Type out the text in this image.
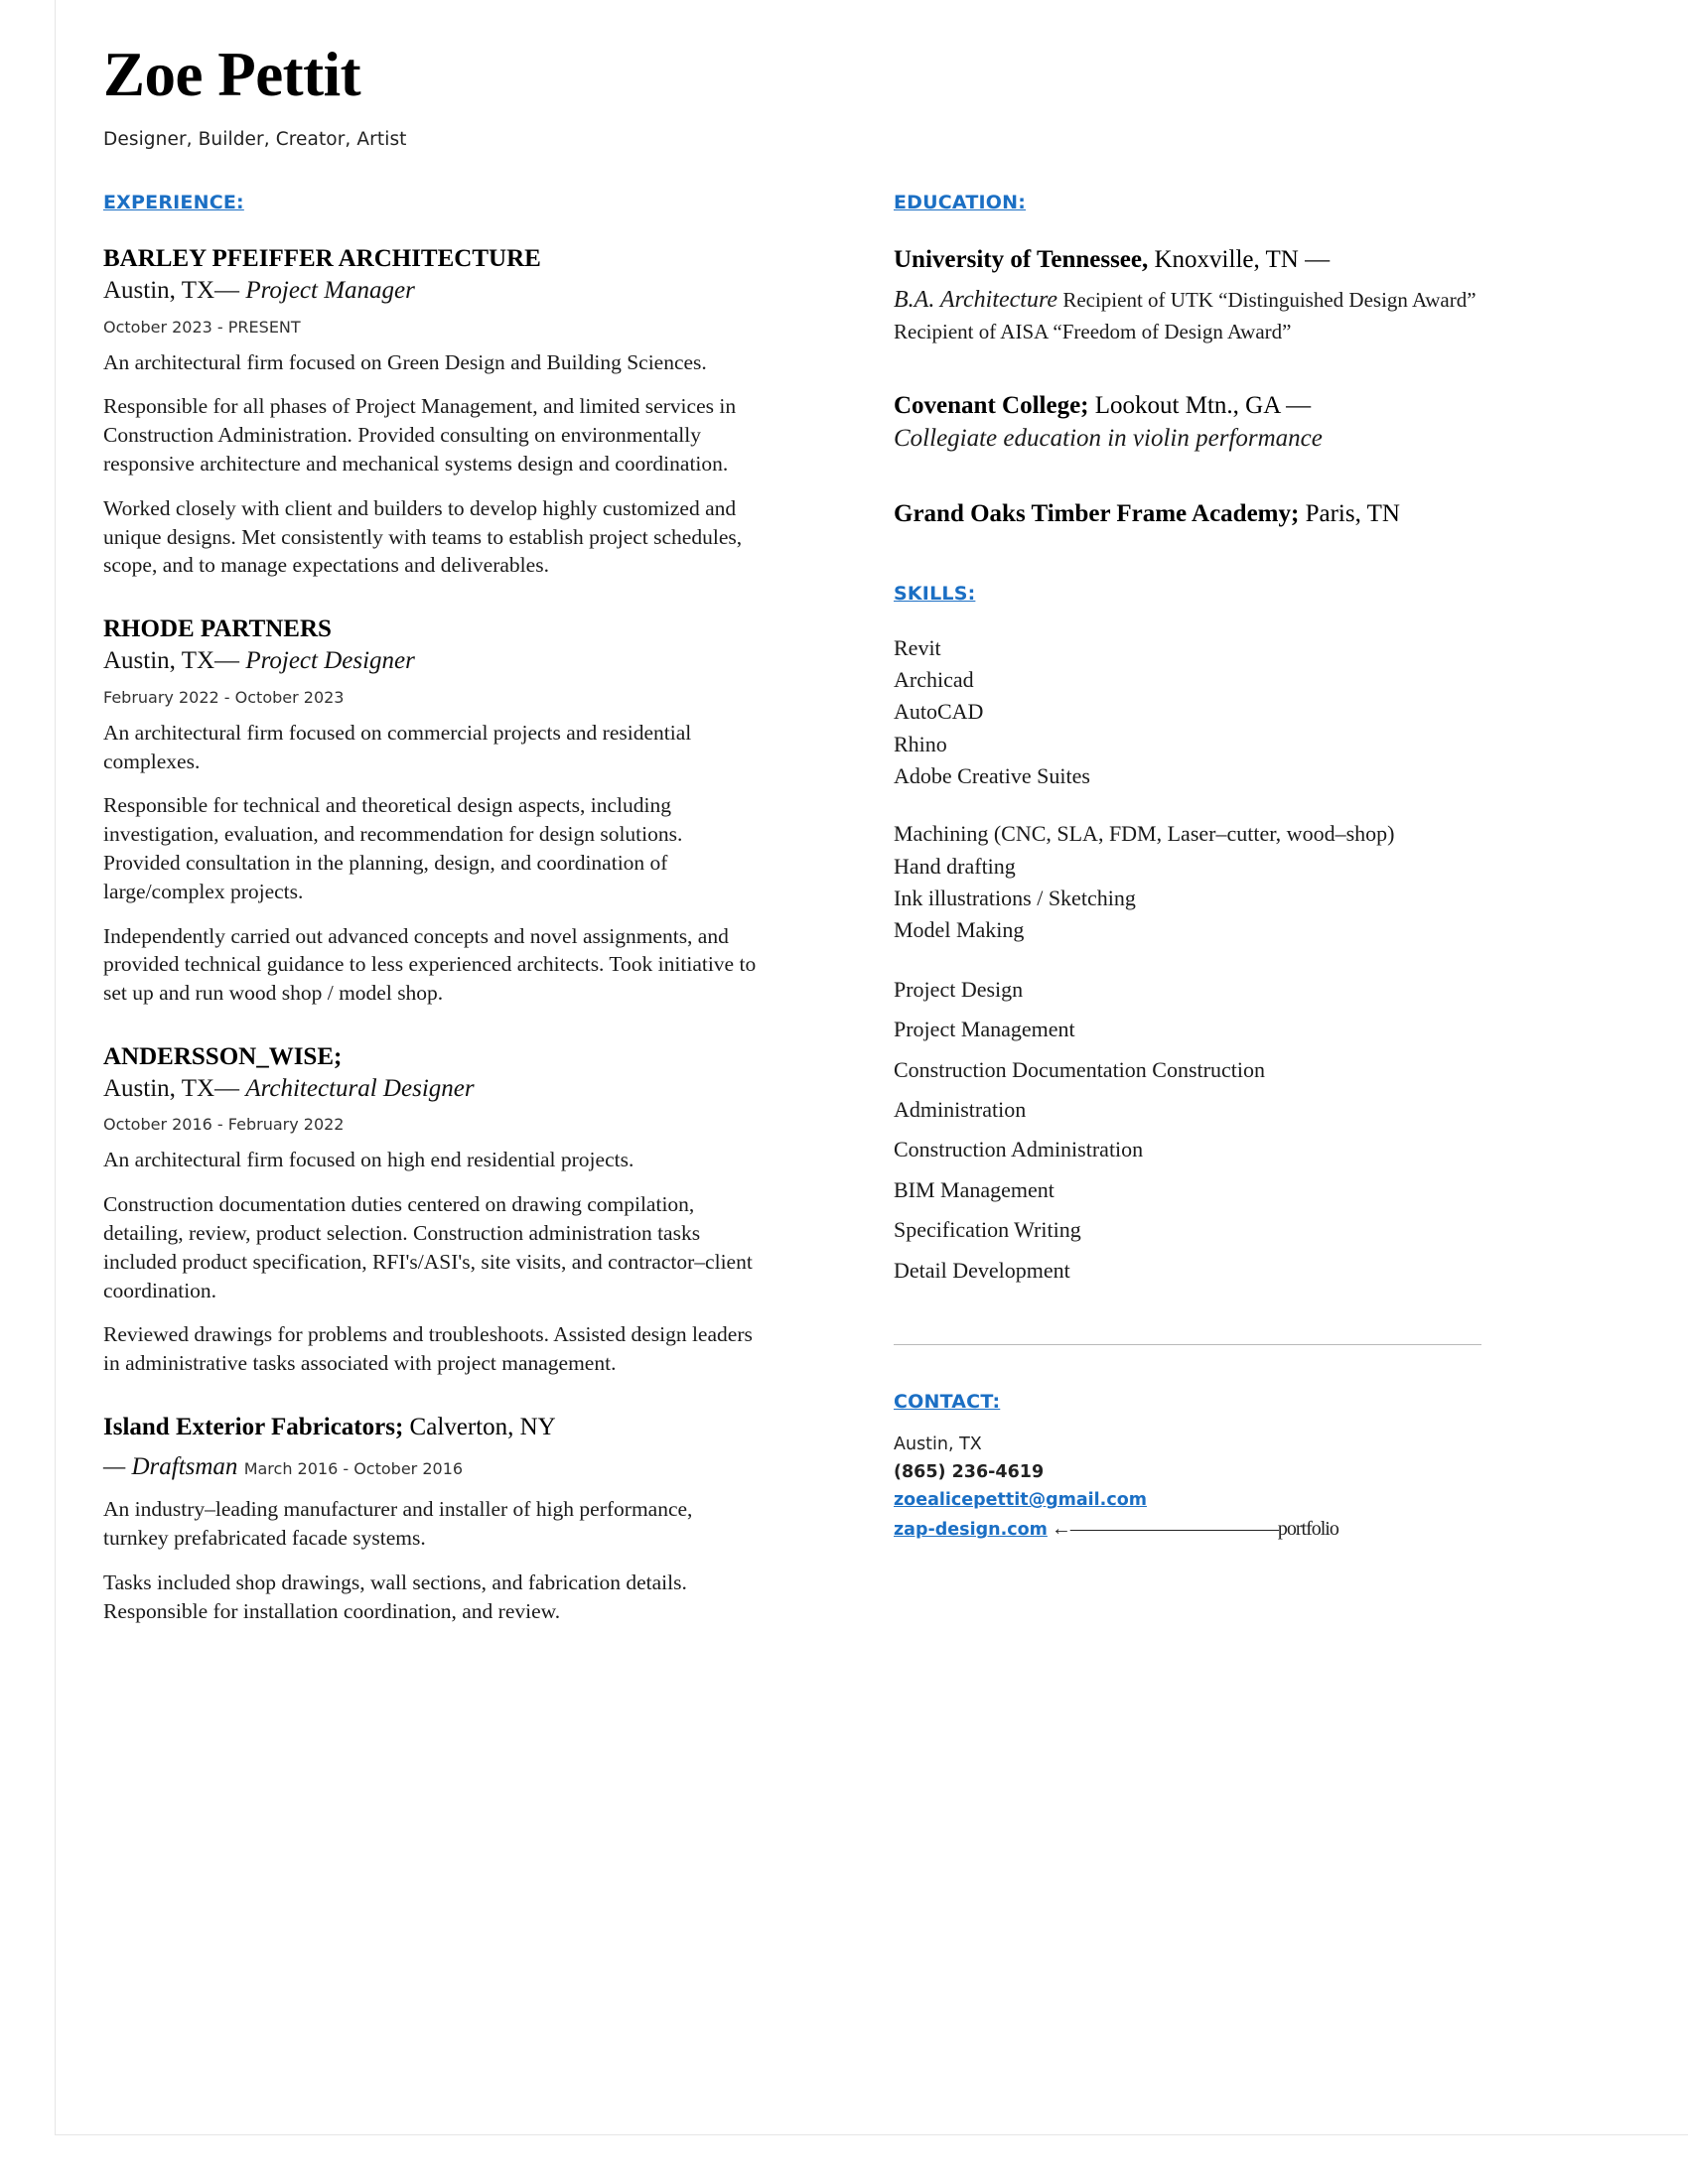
Zoe Pettit
Designer, Builder, Creator, Artist
EXPERIENCE:
BARLEY PFEIFFER ARCHITECTURE
Austin, TX— Project Manager
October 2023 - PRESENT
An architectural firm focused on Green Design and Building Sciences.
Responsible for all phases of Project Management, and limited services in Construction Administration. Provided consulting on environmentally responsive architecture and mechanical systems design and coordination.
Worked closely with client and builders to develop highly customized and unique designs. Met consistently with teams to establish project schedules, scope, and to manage expectations and deliverables.
RHODE PARTNERS
Austin, TX— Project Designer
February 2022 - October 2023
An architectural firm focused on commercial projects and residential complexes.
Responsible for technical and theoretical design aspects, including investigation, evaluation, and recommendation for design solutions. Provided consultation in the planning, design, and coordination of large/complex projects.
Independently carried out advanced concepts and novel assignments, and provided technical guidance to less experienced architects. Took initiative to set up and run wood shop / model shop.
ANDERSSON_WISE;
Austin, TX— Architectural Designer
October 2016 - February 2022
An architectural firm focused on high end residential projects.
Construction documentation duties centered on drawing compilation, detailing, review, product selection. Construction administration tasks included product specification, RFI's/ASI's, site visits, and contractor–client coordination.
Reviewed drawings for problems and troubleshoots. Assisted design leaders in administrative tasks associated with project management.
Island Exterior Fabricators; Calverton, NY
— Draftsman March 2016 - October 2016
An industry–leading manufacturer and installer of high performance, turnkey prefabricated facade systems.
Tasks included shop drawings, wall sections, and fabrication details. Responsible for installation coordination, and review.
EDUCATION:
University of Tennessee, Knoxville, TN —
B.A. Architecture Recipient of UTK “Distinguished Design Award”
Recipient of AISA “Freedom of Design Award”
Covenant College; Lookout Mtn., GA —
Collegiate education in violin performance
Grand Oaks Timber Frame Academy; Paris, TN
SKILLS:
Revit
Archicad
AutoCAD
Rhino
Adobe Creative Suites
Machining (CNC, SLA, FDM, Laser–cutter, wood–shop)
Hand drafting
Ink illustrations / Sketching
Model Making
Project Design
Project Management
Construction Documentation Construction
Administration
Construction Administration
BIM Management
Specification Writing
Detail Development
CONTACT:
Austin, TX
(865) 236-4619
zoealicepettit@gmail.com
zap-design.com ←———————————portfolio
